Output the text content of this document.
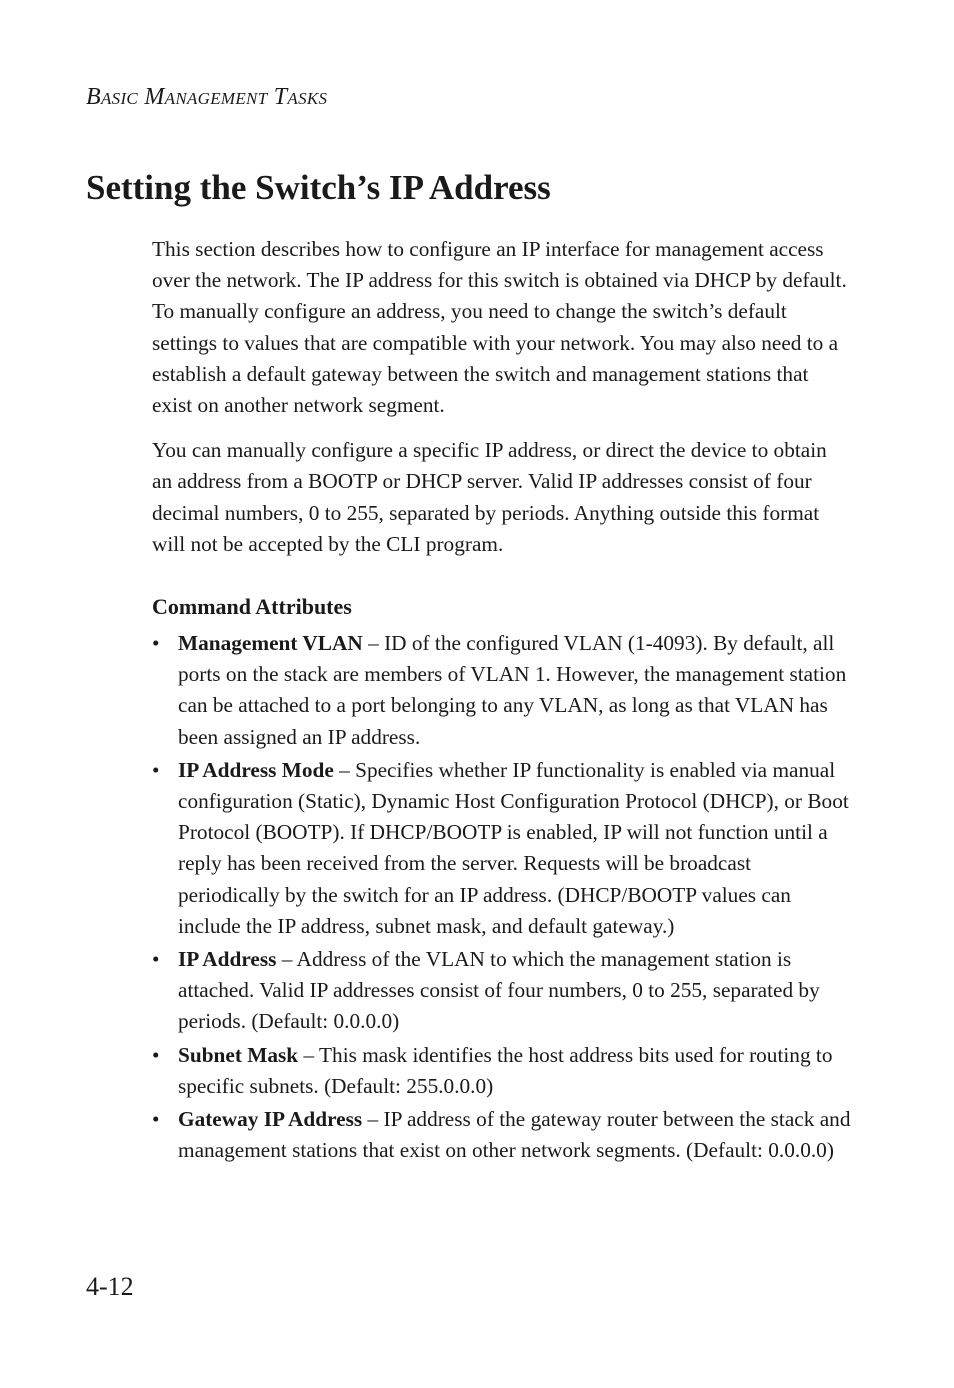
Basic Management Tasks
Setting the Switch’s IP Address

This section describes how to configure an IP interface for management access over the network. The IP address for this switch is obtained via DHCP by default. To manually configure an address, you need to change the switch’s default settings to values that are compatible with your network. You may also need to a establish a default gateway between the switch and management stations that exist on another network segment.

You can manually configure a specific IP address, or direct the device to obtain an address from a BOOTP or DHCP server. Valid IP addresses consist of four decimal numbers, 0 to 255, separated by periods. Anything outside this format will not be accepted by the CLI program.

Command Attributes
• Management VLAN – ID of the configured VLAN (1-4093). By default, all ports on the stack are members of VLAN 1. However, the management station can be attached to a port belonging to any VLAN, as long as that VLAN has been assigned an IP address.
• IP Address Mode – Specifies whether IP functionality is enabled via manual configuration (Static), Dynamic Host Configuration Protocol (DHCP), or Boot Protocol (BOOTP). If DHCP/BOOTP is enabled, IP will not function until a reply has been received from the server. Requests will be broadcast periodically by the switch for an IP address. (DHCP/BOOTP values can include the IP address, subnet mask, and default gateway.)
• IP Address – Address of the VLAN to which the management station is attached. Valid IP addresses consist of four numbers, 0 to 255, separated by periods. (Default: 0.0.0.0)
• Subnet Mask – This mask identifies the host address bits used for routing to specific subnets. (Default: 255.0.0.0)
• Gateway IP Address – IP address of the gateway router between the stack and management stations that exist on other network segments. (Default: 0.0.0.0)
4-12
